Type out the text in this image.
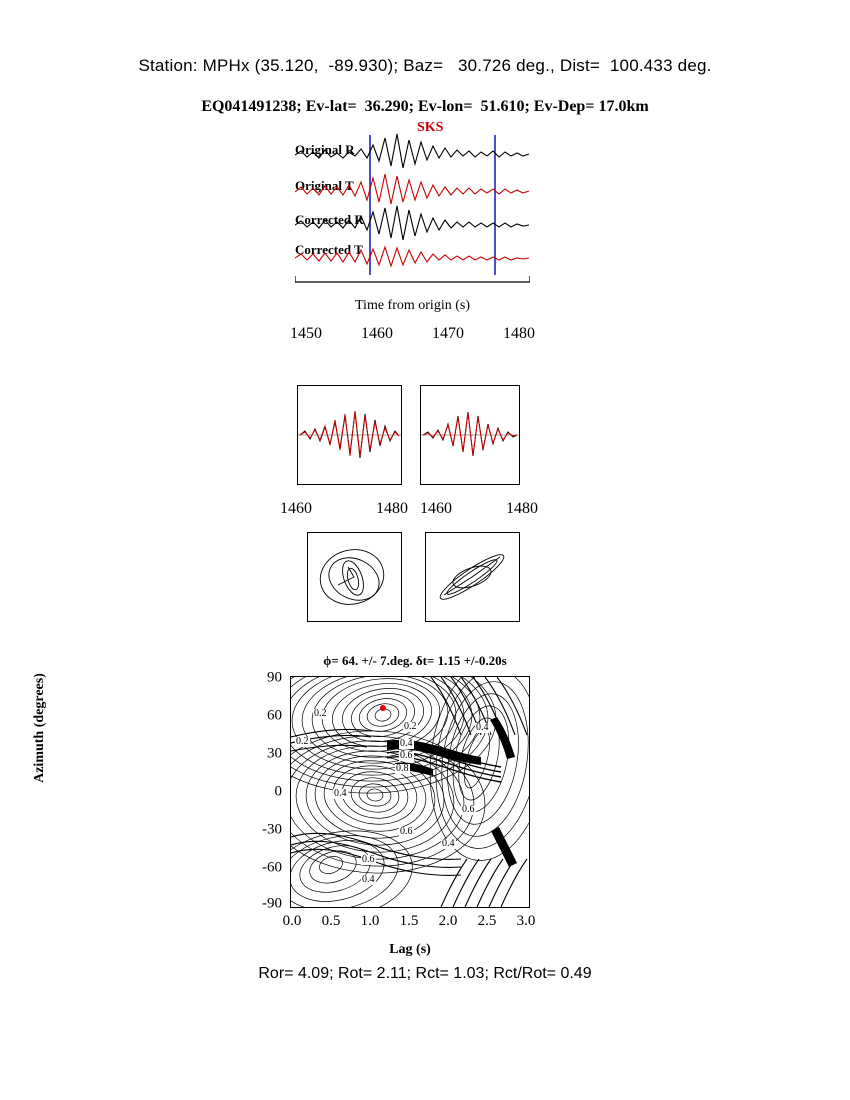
Station: MPHx (35.120,  -89.930); Baz=   30.726 deg., Dist=  100.433 deg.
EQ041491238; Ev-lat=  36.290; Ev-lon=  51.610; Ev-Dep= 17.0km
SKS
Original R
Original T
Corrected R
Corrected T
Time from origin (s)
1450 1460 1470 1480
1460	1480 1460	1480
ϕ= 64. +/- 7.deg. δt= 1.15 +/-0.20s
Azimuth (degrees)	90
60
30
0
-30
-60
-90
0.2
0.4
0.6
0.8
0.4
0.2
0.2
0.4
0.6
0.6
0.4
0.6
0.4
0.0 0.5 1.0 1.5 2.0 2.5 3.0
Lag (s)
Ror= 4.09; Rot= 2.11; Rct= 1.03; Rct/Rot= 0.49
